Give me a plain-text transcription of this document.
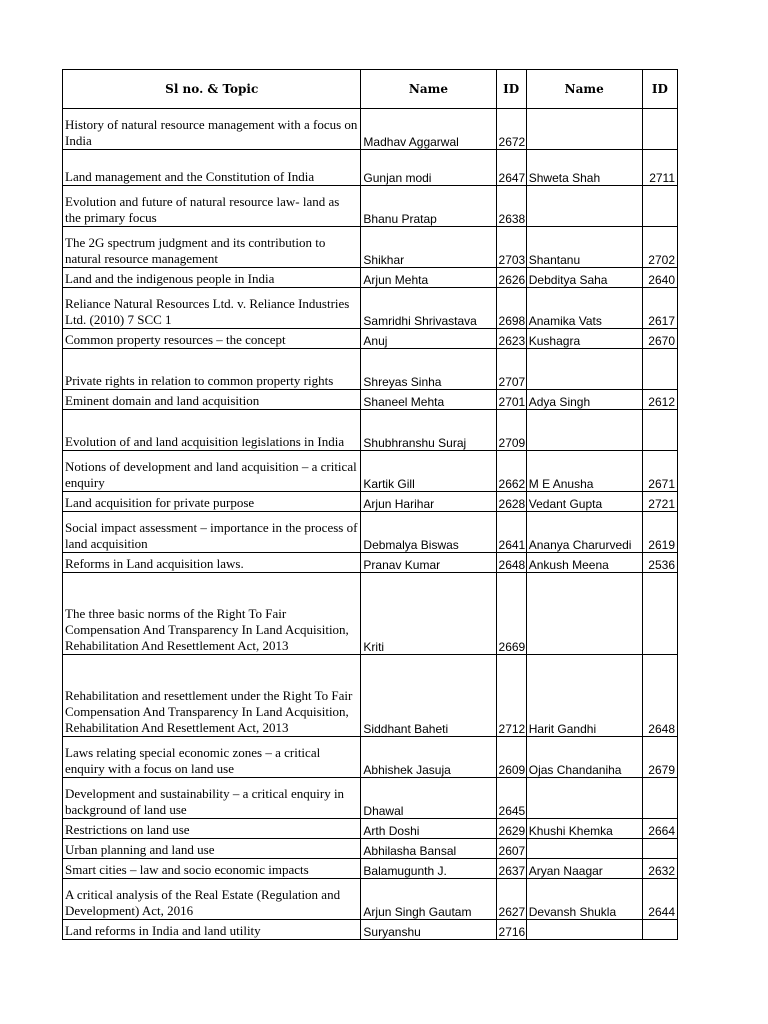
Sl no. & Topic	Name	ID	Name	ID
History of natural resource management with a focus on India	Madhav Aggarwal	2672		
Land management and the Constitution of India	Gunjan modi	2647	Shweta Shah	2711
Evolution and future of natural resource law- land as the primary focus	Bhanu Pratap	2638		
The 2G spectrum judgment and its contribution to natural resource management	Shikhar	2703	Shantanu	2702
Land and the indigenous people in India	Arjun Mehta	2626	Debditya Saha	2640
Reliance Natural Resources Ltd. v. Reliance Industries Ltd. (2010) 7 SCC 1	Samridhi Shrivastava	2698	Anamika Vats	2617
Common property resources – the concept	Anuj	2623	Kushagra	2670
Private rights in relation to common property rights	Shreyas Sinha	2707		
Eminent domain and land acquisition	Shaneel Mehta	2701	Adya Singh	2612
Evolution of and land acquisition legislations in India	Shubhranshu Suraj	2709		
Notions of development and land acquisition – a critical enquiry	Kartik Gill	2662	M E Anusha	2671
Land acquisition for private purpose	Arjun Harihar	2628	Vedant Gupta	2721
Social impact assessment – importance in the process of land acquisition	Debmalya Biswas	2641	Ananya Charurvedi	2619
Reforms in Land acquisition laws.	Pranav Kumar	2648	Ankush Meena	2536
The three basic norms of the Right To Fair Compensation And Transparency In Land Acquisition, Rehabilitation And Resettlement Act, 2013	Kriti	2669		
Rehabilitation and resettlement under the Right To Fair Compensation And Transparency In Land Acquisition, Rehabilitation And Resettlement Act, 2013	Siddhant Baheti	2712	Harit Gandhi	2648
Laws relating special economic zones – a critical enquiry with a focus on land use	Abhishek Jasuja	2609	Ojas Chandaniha	2679
Development and sustainability – a critical enquiry in background of land use	Dhawal	2645		
Restrictions on land use	Arth Doshi	2629	Khushi Khemka	2664
Urban planning and land use	Abhilasha Bansal	2607		
Smart cities – law and socio economic impacts	Balamugunth J.	2637	Aryan Naagar	2632
A critical analysis of the Real Estate (Regulation and Development) Act, 2016	Arjun Singh Gautam	2627	Devansh Shukla	2644
Land reforms in India and land utility	Suryanshu	2716		
